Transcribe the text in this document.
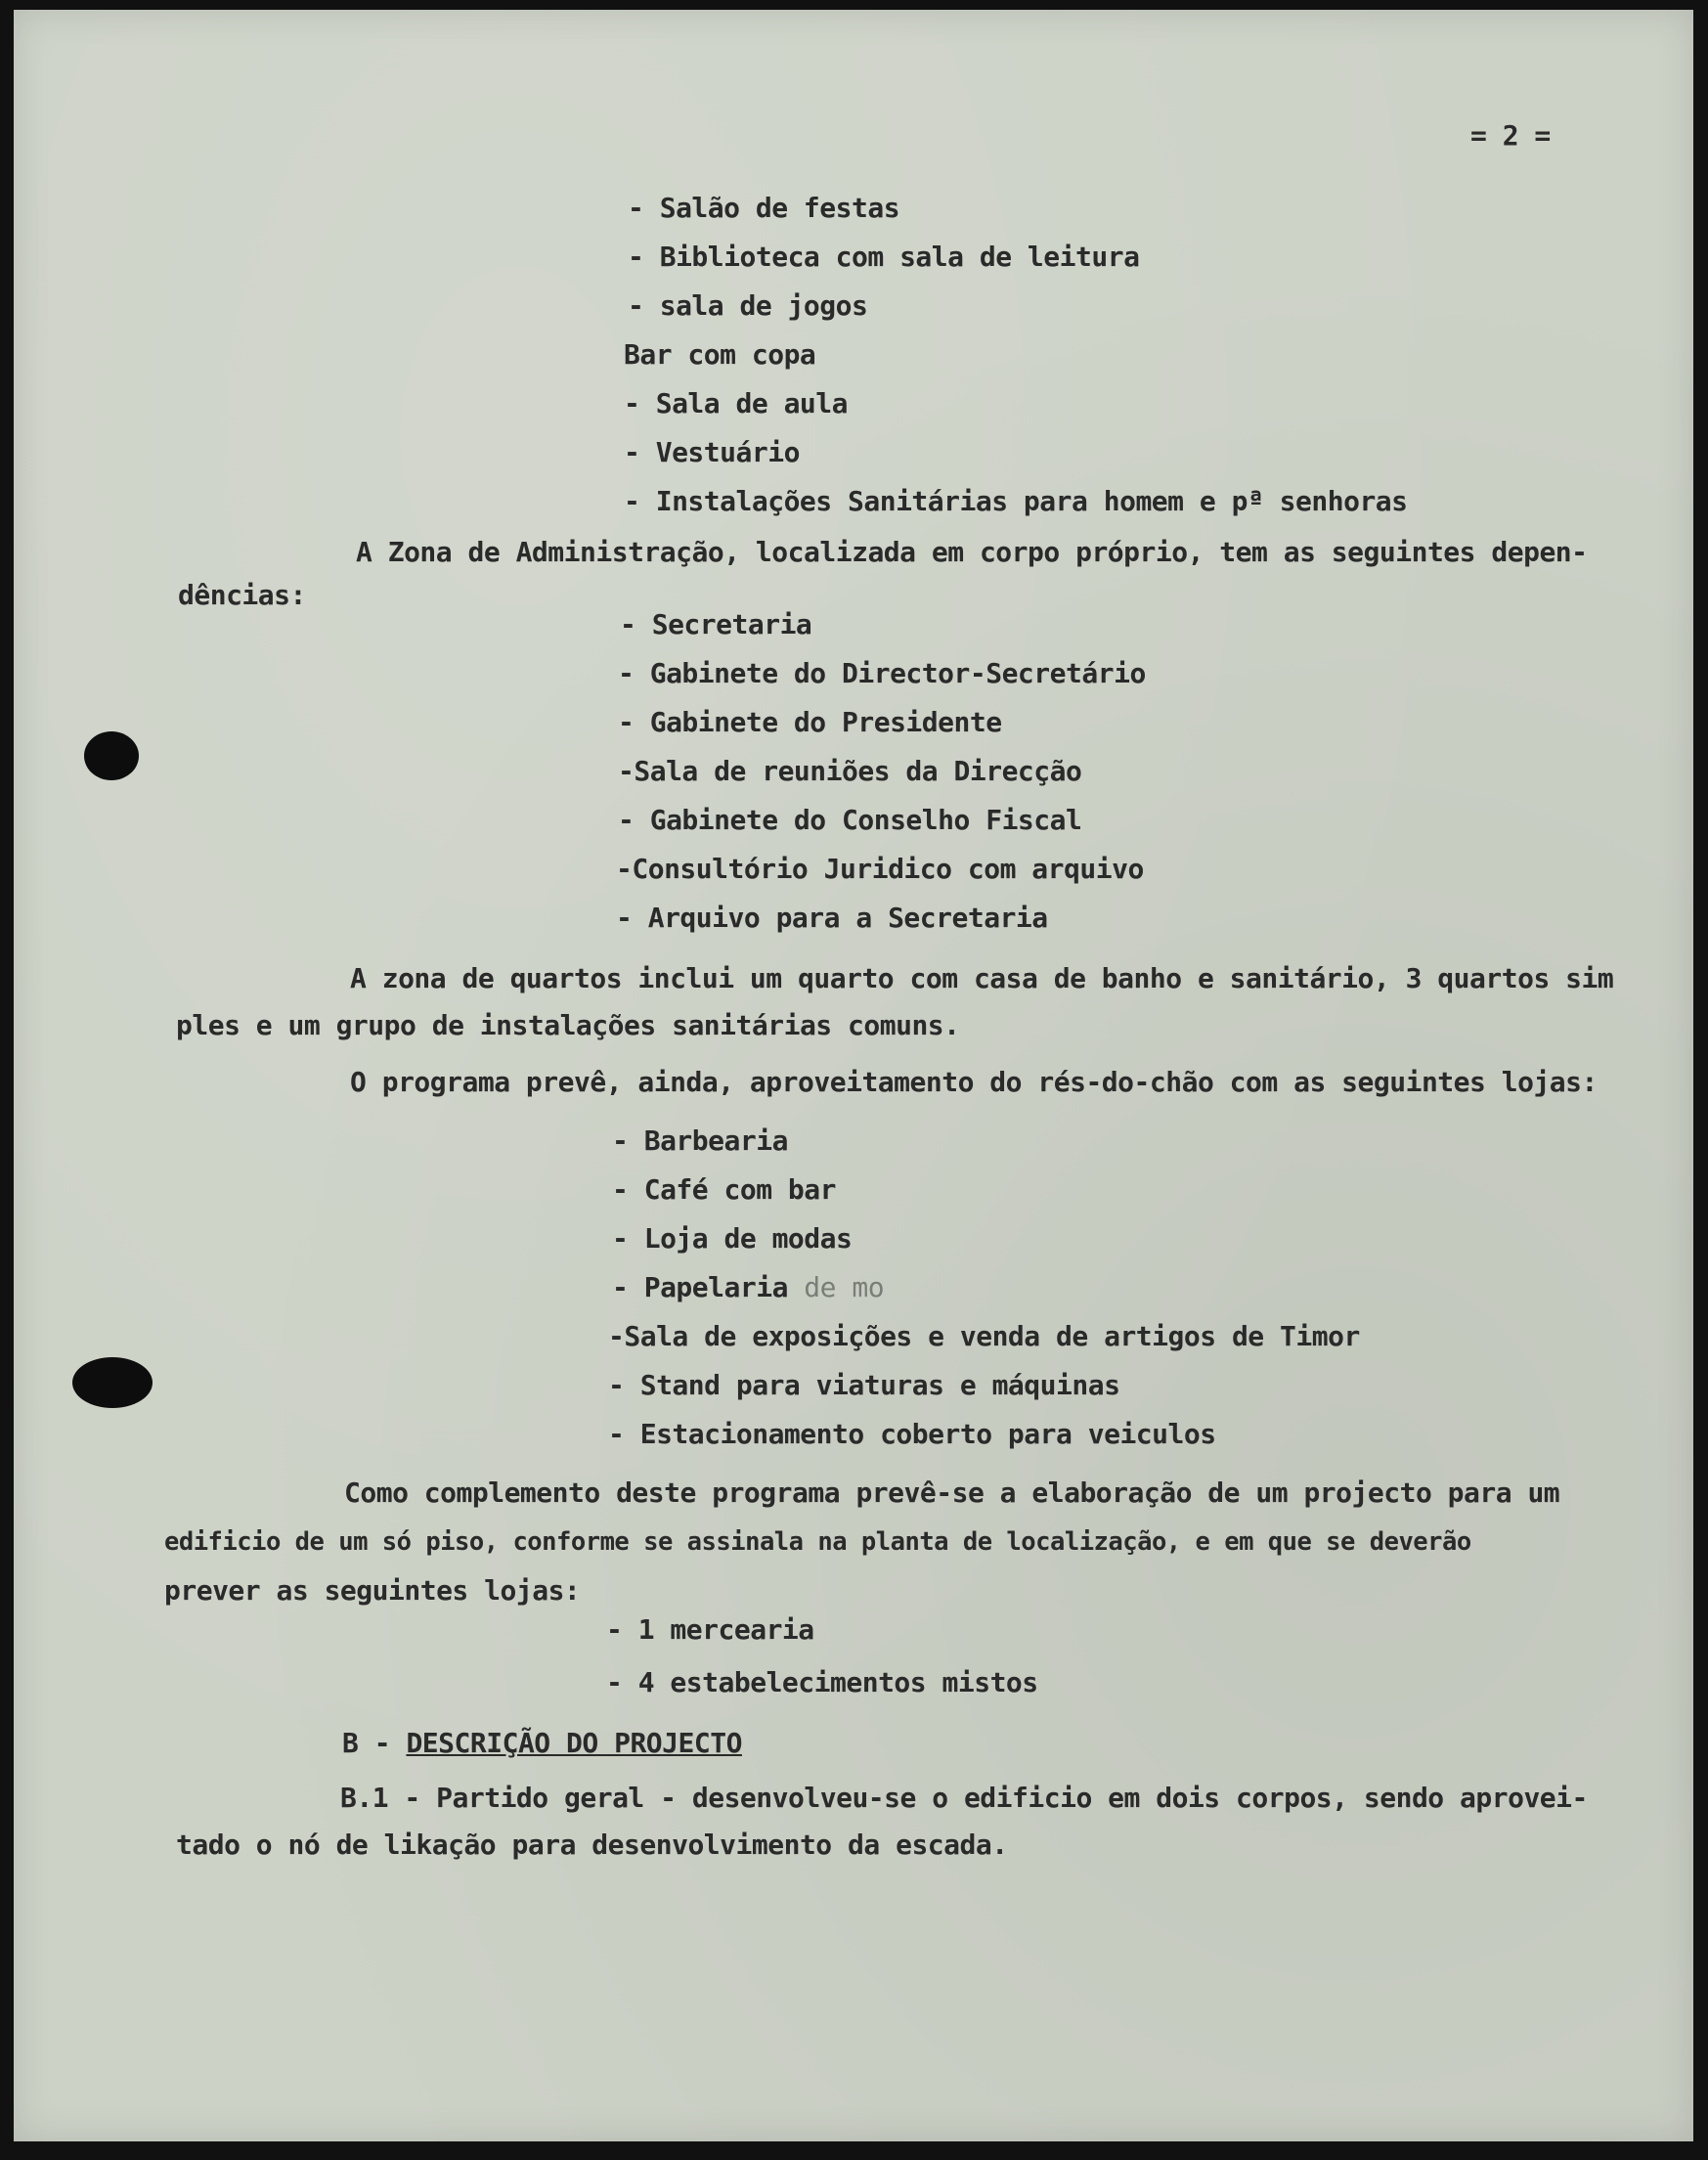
= 2 =
- Salão de festas
- Biblioteca com sala de leitura
- sala de jogos
Bar com copa
- Sala de aula
- Vestuário
- Instalações Sanitárias para homem e pª senhoras
A Zona de Administração, localizada em corpo próprio, tem as seguintes depen-
dências:
- Secretaria
- Gabinete do Director-Secretário
- Gabinete do Presidente
-Sala de reuniões da Direcção
- Gabinete do Conselho Fiscal
-Consultório Juridico com arquivo
- Arquivo para a Secretaria
A zona de quartos inclui um quarto com casa de banho e sanitário, 3 quartos sim
ples e um grupo de instalações sanitárias comuns.
O programa prevê, ainda, aproveitamento do rés-do-chão com as seguintes lojas:
- Barbearia
- Café com bar
- Loja de modas
- Papelaria de mo
-Sala de exposições e venda de artigos de Timor
- Stand para viaturas e máquinas
- Estacionamento coberto para veiculos
Como complemento deste programa prevê-se a elaboração de um projecto para um
edificio de um só piso, conforme se assinala na planta de localização, e em que se deverão
prever as seguintes lojas:
- 1 mercearia
- 4 estabelecimentos mistos
B - DESCRIÇÃO DO PROJECTO
B.1 - Partido geral - desenvolveu-se o edificio em dois corpos, sendo aprovei-
tado o nó de likação para desenvolvimento da escada.
